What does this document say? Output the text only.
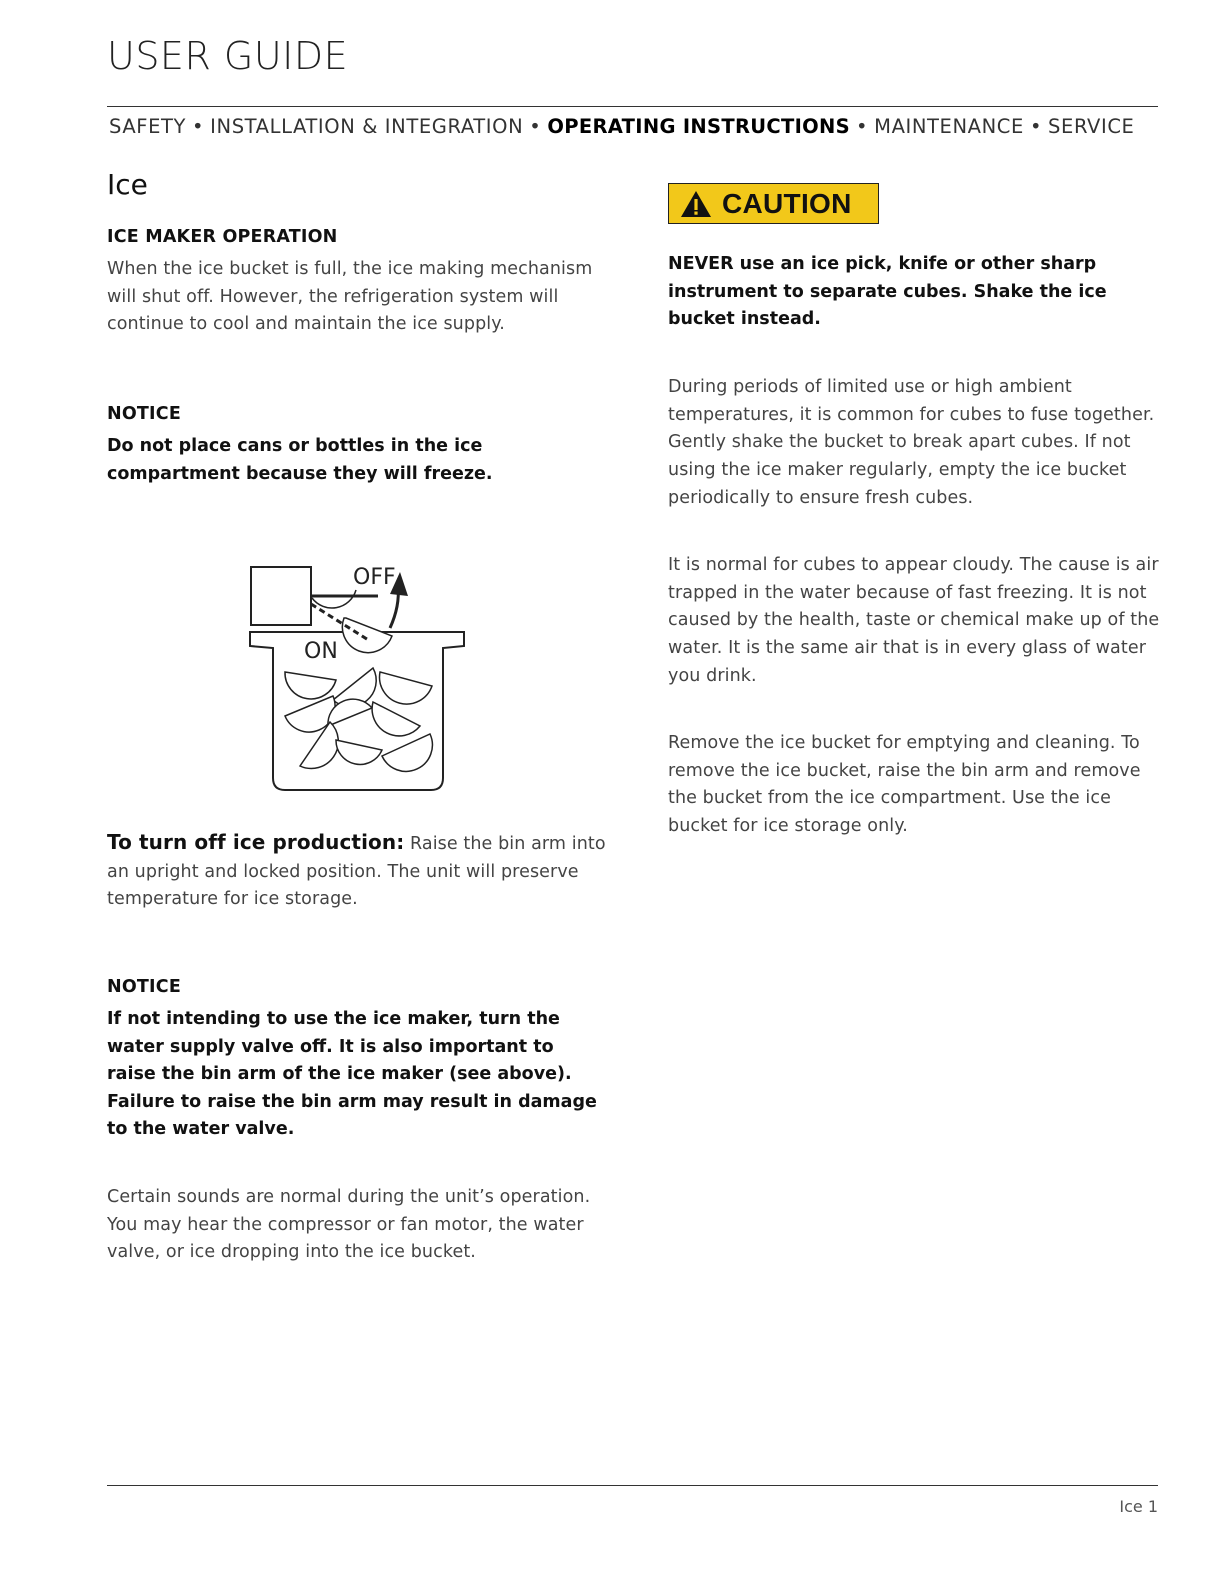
USER GUIDE
SAFETY • INSTALLATION & INTEGRATION • OPERATING INSTRUCTIONS • MAINTENANCE • SERVICE
Ice
ICE MAKER OPERATION

When the ice bucket is full, the ice making mechanism will shut off. However, the refrigeration system will continue to cool and maintain the ice supply.

NOTICE

Do not place cans or bottles in the ice compartment because they will freeze.

OFF
ON

To turn off ice production: Raise the bin arm into an upright and locked position. The unit will preserve temperature for ice storage.

NOTICE

If not intending to use the ice maker, turn the water supply valve off. It is also important to raise the bin arm of the ice maker (see above). Failure to raise the bin arm may result in damage to the water valve.

Certain sounds are normal during the unit’s operation. You may hear the compressor or fan motor, the water valve, or ice dropping into the ice bucket.

CAUTION

NEVER use an ice pick, knife or other sharp instrument to separate cubes. Shake the ice bucket instead.

During periods of limited use or high ambient temperatures, it is common for cubes to fuse together. Gently shake the bucket to break apart cubes. If not using the ice maker regularly, empty the ice bucket periodically to ensure fresh cubes.

It is normal for cubes to appear cloudy. The cause is air trapped in the water because of fast freezing. It is not caused by the health, taste or chemical make up of the water. It is the same air that is in every glass of water you drink.

Remove the ice bucket for emptying and cleaning. To remove the ice bucket, raise the bin arm and remove the bucket from the ice compartment. Use the ice bucket for ice storage only.

Ice 1
